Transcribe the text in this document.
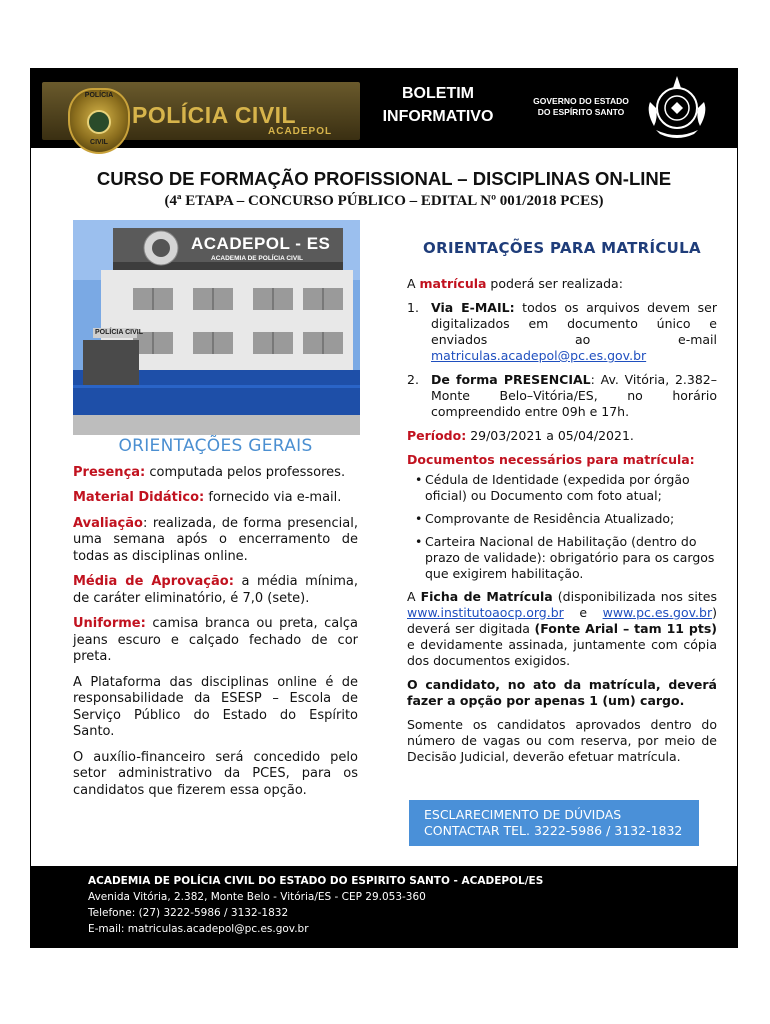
POLÍCIA
CIVIL
POLÍCIA CIVIL
ACADEPOL
BOLETIM
INFORMATIVO
GOVERNO DO ESTADO
DO ESPÍRITO SANTO
CURSO DE FORMAÇÃO PROFISSIONAL – DISCIPLINAS ON-LINE
(4ª ETAPA – CONCURSO PÚBLICO – EDITAL Nº 001/2018 PCES)
ACADEPOL - ES
ACADEMIA DE POLÍCIA CIVIL
POLÍCIA CIVIL
ORIENTAÇÕES GERAIS
Presença: computada pelos professores.
Material Didático: fornecido via e-mail.
Avaliação: realizada, de forma presencial, uma semana após o encerramento de todas as disciplinas online.
Média de Aprovação: a média mínima, de caráter eliminatório, é 7,0 (sete).
Uniforme: camisa branca ou preta, calça jeans escuro e calçado fechado de cor preta.
A Plataforma das disciplinas online é de responsabilidade da ESESP – Escola de Serviço Público do Estado do Espírito Santo.
O auxílio-financeiro será concedido pelo setor administrativo da PCES, para os candidatos que fizerem essa opção.
ORIENTAÇÕES PARA MATRÍCULA
A matrícula poderá ser realizada:
1. Via E-MAIL: todos os arquivos devem ser digitalizados em documento único e enviados ao e-mail matriculas.acadepol@pc.es.gov.br
2. De forma PRESENCIAL: Av. Vitória, 2.382–Monte Belo–Vitória/ES, no horário compreendido entre 09h e 17h.
Período: 29/03/2021 a 05/04/2021.
Documentos necessários para matrícula:
• Cédula de Identidade (expedida por órgão oficial) ou Documento com foto atual;
• Comprovante de Residência Atualizado;
• Carteira Nacional de Habilitação (dentro do prazo de validade): obrigatório para os cargos que exigirem habilitação.
A Ficha de Matrícula (disponibilizada nos sites www.institutoaocp.org.br e www.pc.es.gov.br) deverá ser digitada (Fonte Arial – tam 11 pts) e devidamente assinada, juntamente com cópia dos documentos exigidos.
O candidato, no ato da matrícula, deverá fazer a opção por apenas 1 (um) cargo.
Somente os candidatos aprovados dentro do número de vagas ou com reserva, por meio de Decisão Judicial, deverão efetuar matrícula.
ESCLARECIMENTO DE DÚVIDAS
CONTACTAR TEL. 3222-5986 / 3132-1832
ACADEMIA DE POLÍCIA CIVIL DO ESTADO DO ESPIRITO SANTO - ACADEPOL/ES
Avenida Vitória, 2.382, Monte Belo - Vitória/ES - CEP 29.053-360
Telefone: (27) 3222-5986 / 3132-1832
E-mail: matriculas.acadepol@pc.es.gov.br
